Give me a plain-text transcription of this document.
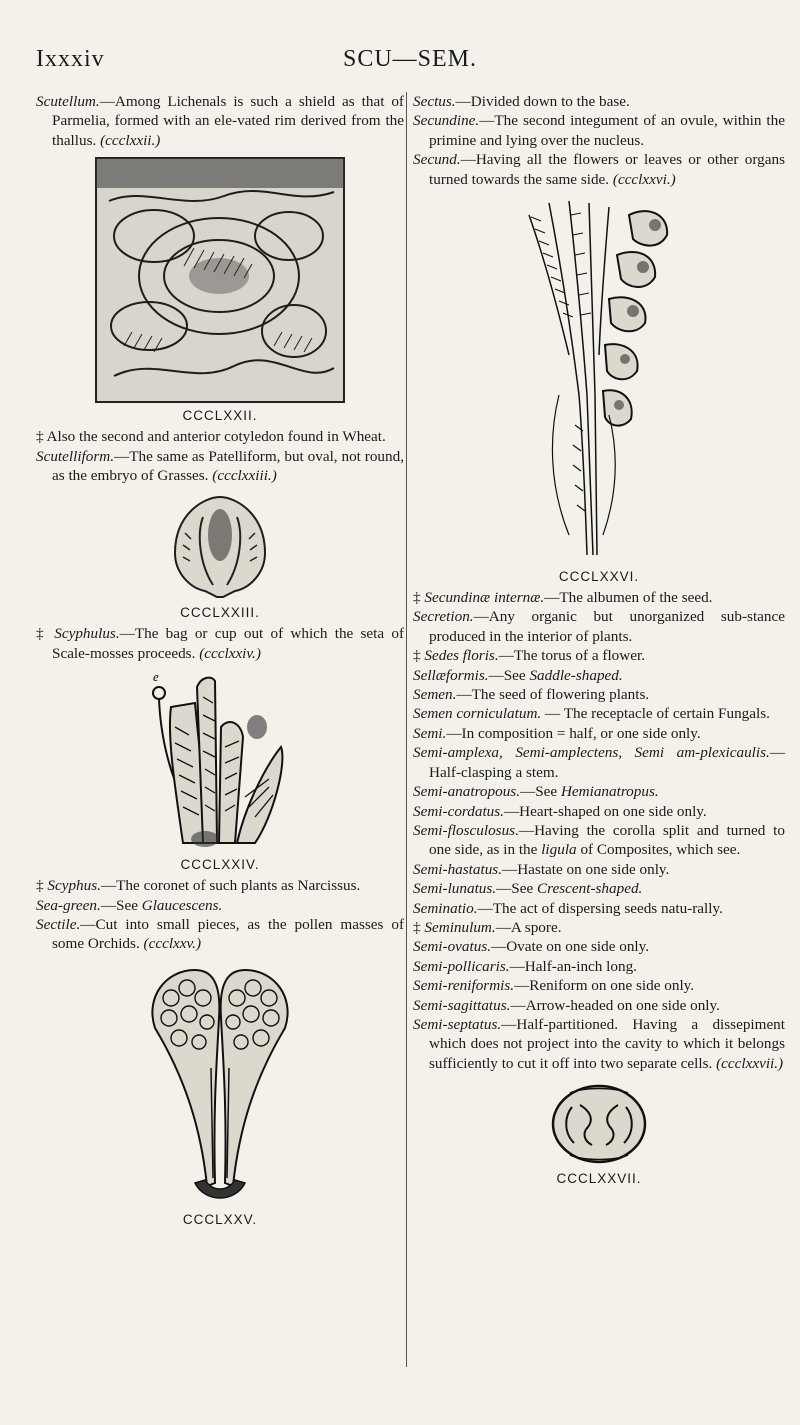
Ixxxiv	SCU—SEM.

Scutellum.—Among Lichenals is such a shield as that of Parmelia, formed with an ele-vated rim derived from the thallus. (ccclxxii.)

CCCLXXII.

‡ Also the second and anterior cotyledon found in Wheat.

Scutelliform.—The same as Patelliform, but oval, not round, as the embryo of Grasses. (ccclxxiii.)

CCCLXXIII.

‡ Scyphulus.—The bag or cup out of which the seta of Scale-mosses proceeds. (ccclxxiv.)

e
CCCLXXIV.

‡ Scyphus.—The coronet of such plants as Narcissus.

Sea-green.—See Glaucescens.

Sectile.—Cut into small pieces, as the pollen masses of some Orchids. (ccclxxv.)

CCCLXXV.

Sectus.—Divided down to the base.

Secundine.—The second integument of an ovule, within the primine and lying over the nucleus.

Secund.—Having all the flowers or leaves or other organs turned towards the same side. (ccclxxvi.)

CCCLXXVI.

‡ Secundinæ internæ.—The albumen of the seed.

Secretion.—Any organic but unorganized sub-stance produced in the interior of plants.

‡ Sedes floris.—The torus of a flower.

Sellæformis.—See Saddle-shaped.

Semen.—The seed of flowering plants.

Semen corniculatum. — The receptacle of certain Fungals.

Semi.—In composition = half, or one side only.

Semi-amplexa, Semi-amplectens, Semi am-plexicaulis.—Half-clasping a stem.

Semi-anatropous.—See Hemianatropus.

Semi-cordatus.—Heart-shaped on one side only.

Semi-flosculosus.—Having the corolla split and turned to one side, as in the ligula of Composites, which see.

Semi-hastatus.—Hastate on one side only.

Semi-lunatus.—See Crescent-shaped.

Seminatio.—The act of dispersing seeds natu-rally.

‡ Seminulum.—A spore.

Semi-ovatus.—Ovate on one side only.

Semi-pollicaris.—Half-an-inch long.

Semi-reniformis.—Reniform on one side only.

Semi-sagittatus.—Arrow-headed on one side only.

Semi-septatus.—Half-partitioned. Having a dissepiment which does not project into the cavity to which it belongs sufficiently to cut it off into two separate cells. (ccclxxvii.)

CCCLXXVII.
